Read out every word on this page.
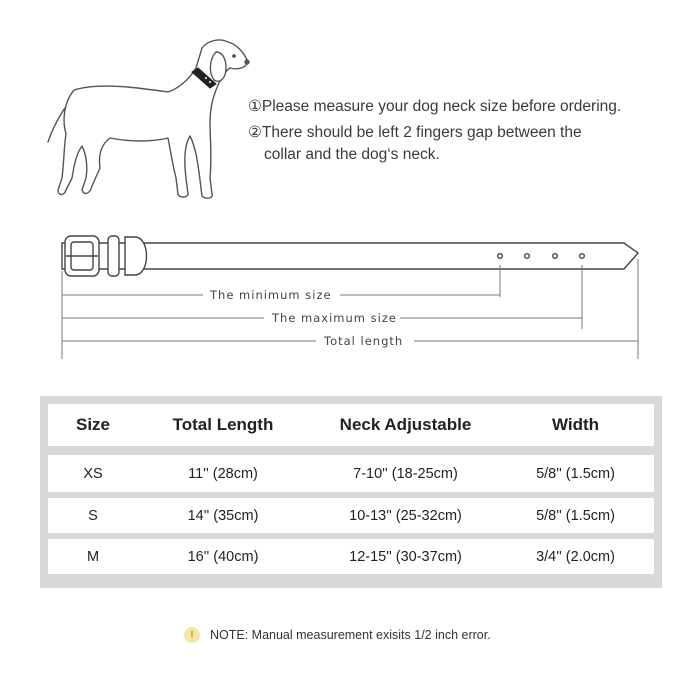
①Please measure your dog neck size before ordering.
②There should be left 2 fingers gap between the
collar and the dog‘s neck.
The minimum size
The maximum size
Total length
Size	Total Length	Neck Adjustable	Width
XS	11'' (28cm)	7-10'' (18-25cm)	5/8'' (1.5cm)
S	14'' (35cm)	10-13'' (25-32cm)	5/8'' (1.5cm)
M	16'' (40cm)	12-15'' (30-37cm)	3/4'' (2.0cm)
!	NOTE: Manual measurement exisits 1/2 inch error.
